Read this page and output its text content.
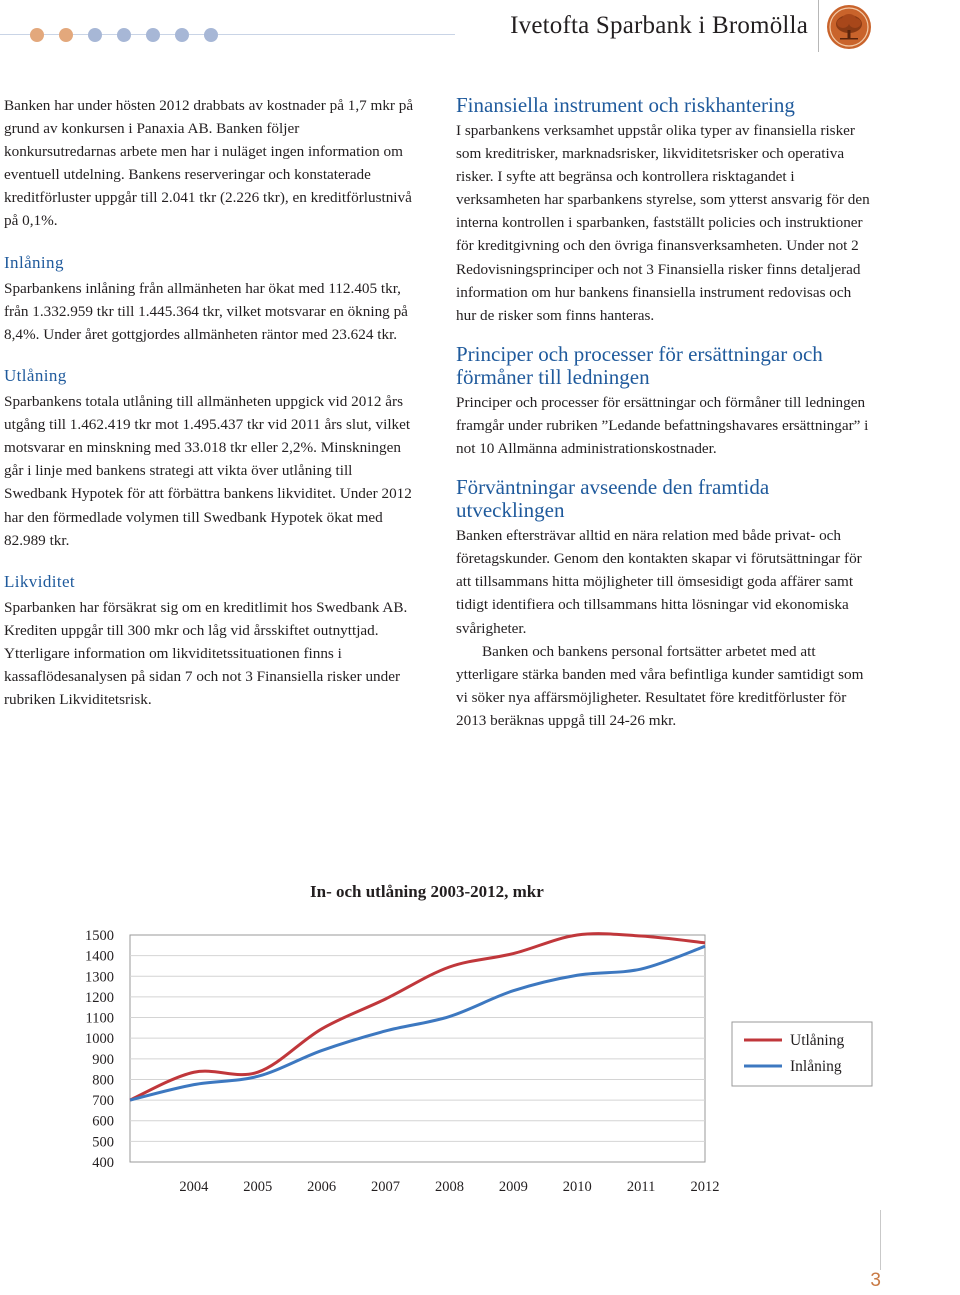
Ivetofta Sparbank i Bromölla

Banken har under hösten 2012 drabbats av kostnader på 1,7 mkr på grund av konkursen i Panaxia AB. Banken följer konkursutredarnas arbete men har i nuläget ingen information om eventuell utdelning. Bankens reserveringar och konstaterade kreditförluster uppgår till 2.041 tkr (2.226 tkr), en kreditförlustnivå på 0,1%.

Inlåning

Sparbankens inlåning från allmänheten har ökat med 112.405 tkr, från 1.332.959 tkr till 1.445.364 tkr, vilket motsvarar en ökning på 8,4%. Under året gottgjordes allmänheten räntor med 23.624 tkr.

Utlåning

Sparbankens totala utlåning till allmänheten uppgick vid 2012 års utgång till 1.462.419 tkr mot 1.495.437 tkr vid 2011 års slut, vilket motsvarar en minskning med 33.018 tkr eller 2,2%. Minskningen går i linje med bankens strategi att vikta över utlåning till Swedbank Hypotek för att förbättra bankens likviditet. Under 2012 har den förmedlade volymen till Swedbank Hypotek ökat med 82.989 tkr.

Likviditet

Sparbanken har försäkrat sig om en kreditlimit hos Swedbank AB. Krediten uppgår till 300 mkr och låg vid årsskiftet outnyttjad. Ytterligare information om likviditetssituationen finns i kassaflödesanalysen på sidan 7 och not 3 Finansiella risker under rubriken Likviditetsrisk.

Finansiella instrument och riskhantering

I sparbankens verksamhet uppstår olika typer av finansiella risker som kreditrisker, marknadsrisker, likviditetsrisker och operativa risker. I syfte att begränsa och kontrollera risktagandet i verksamheten har sparbankens styrelse, som ytterst ansvarig för den interna kontrollen i sparbanken, fastställt policies och instruktioner för kreditgivning och den övriga finansverksamheten. Under not 2 Redovisningsprinciper och not 3 Finansiella risker finns detaljerad information om hur bankens finansiella instrument redovisas och hur de risker som finns hanteras.

Principer och processer för ersättningar och förmåner till ledningen

Principer och processer för ersättningar och förmåner till ledningen framgår under rubriken ”Ledande befattningshavares ersättningar” i not 10 Allmänna administrationskostnader.

Förväntningar avseende den framtida utvecklingen

Banken eftersträvar alltid en nära relation med både privat- och företagskunder. Genom den kontakten skapar vi förutsättningar för att tillsammans hitta möjligheter till ömsesidigt goda affärer samt tidigt identifiera och tillsammans hitta lösningar vid ekonomiska svårigheter.

Banken och bankens personal fortsätter arbetet med att ytterligare stärka banden med våra befintliga kunder samtidigt som vi söker nya affärsmöjligheter. Resultatet före kreditförluster för 2013 beräknas uppgå till 24-26 mkr.

In- och utlåning 2003-2012, mkr
1500
1400
1300
1200
1100
1000
900
800
700
600
500
400
2004 2005 2006 2007 2008 2009 2010 2011 2012
Utlåning
Inlåning
3
